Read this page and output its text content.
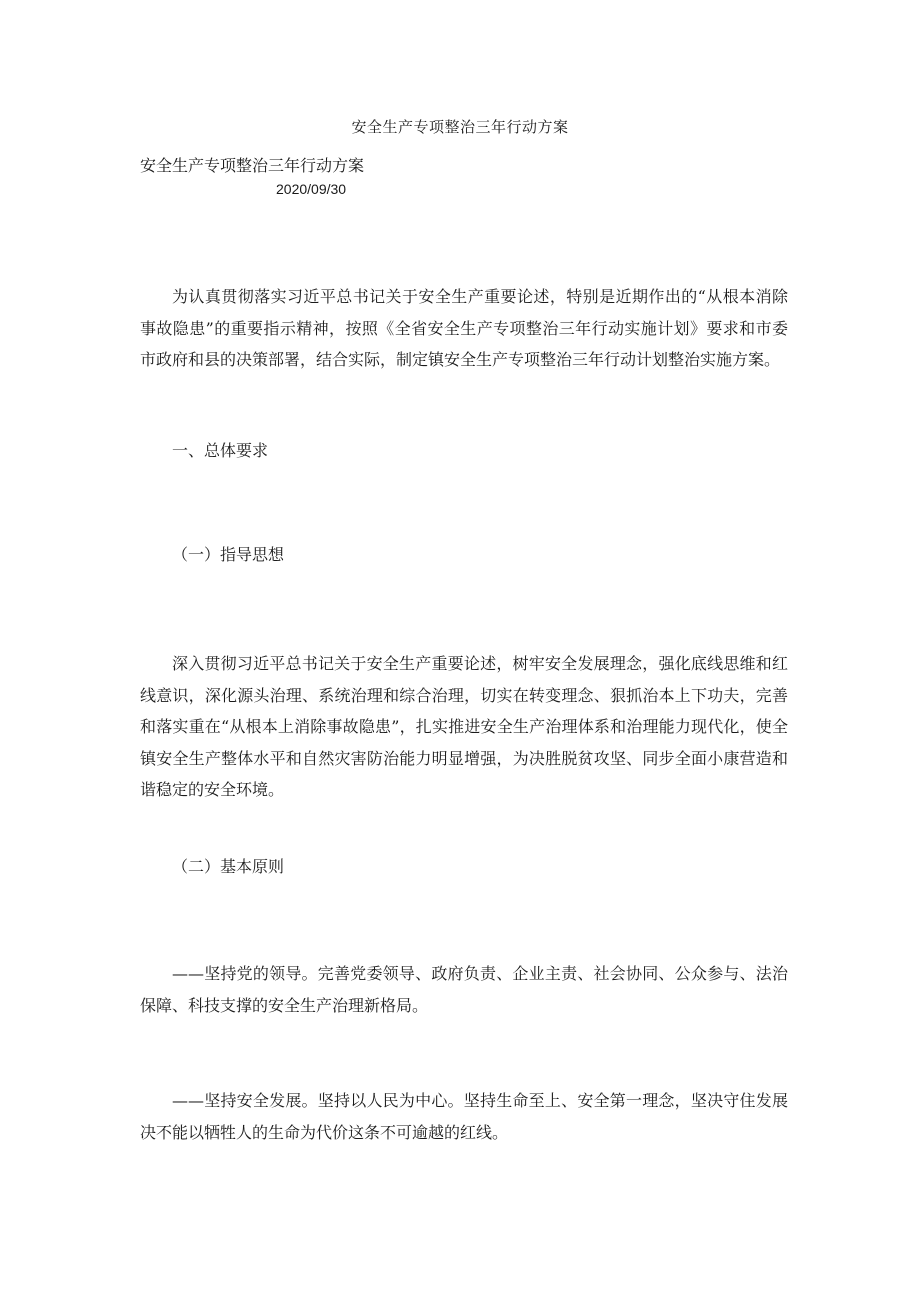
安全生产专项整治三年行动方案
安全生产专项整治三年行动方案
2020/09/30

为认真贯彻落实习近平总书记关于安全生产重要论述，特别是近期作出的“从根本消除事故隐患”的重要指示精神，按照《全省安全生产专项整治三年行动实施计划》要求和市委市政府和县的决策部署，结合实际，制定镇安全生产专项整治三年行动计划整治实施方案。

一、总体要求

（一）指导思想

深入贯彻习近平总书记关于安全生产重要论述，树牢安全发展理念，强化底线思维和红线意识，深化源头治理、系统治理和综合治理，切实在转变理念、狠抓治本上下功夫，完善和落实重在“从根本上消除事故隐患”，扎实推进安全生产治理体系和治理能力现代化，使全镇安全生产整体水平和自然灾害防治能力明显增强，为决胜脱贫攻坚、同步全面小康营造和谐稳定的安全环境。

（二）基本原则

——坚持党的领导。完善党委领导、政府负责、企业主责、社会协同、公众参与、法治保障、科技支撑的安全生产治理新格局。

——坚持安全发展。坚持以人民为中心。坚持生命至上、安全第一理念，坚决守住发展决不能以牺牲人的生命为代价这条不可逾越的红线。
